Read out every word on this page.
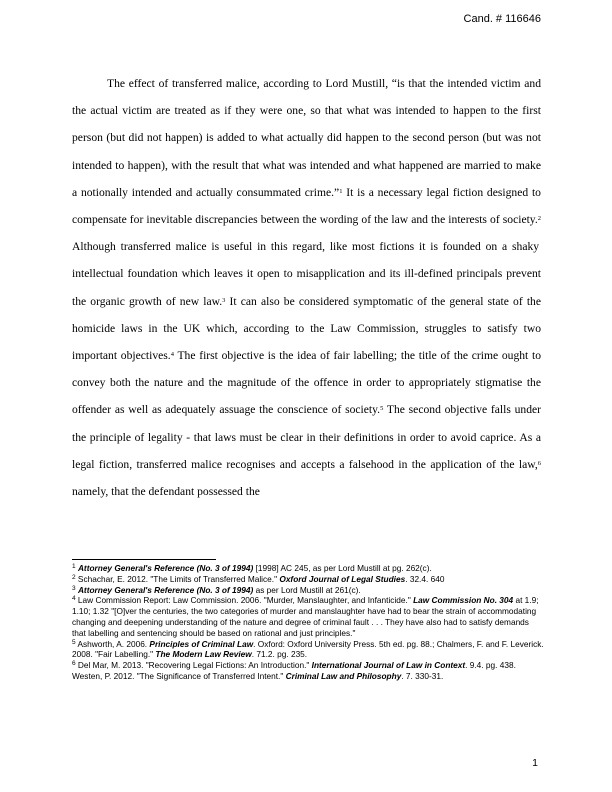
Cand. # 116646

The effect of transferred malice, according to Lord Mustill, “is that the intended victim and the actual victim are treated as if they were one, so that what was intended to happen to the first person (but did not happen) is added to what actually did happen to the second person (but was not intended to happen), with the result that what was intended and what happened are married to make a notionally intended and actually consummated crime.”$^1$ It is a necessary legal fiction designed to compensate for inevitable discrepancies between the wording of the law and the interests of society.$^2$ Although transferred malice is useful in this regard, like most fictions it is founded on a shaky intellectual foundation which leaves it open to misapplication and its ill-defined principals prevent the organic growth of new law.$^3$ It can also be considered symptomatic of the general state of the homicide laws in the UK which, according to the Law Commission, struggles to satisfy two important objectives.$^4$ The first objective is the idea of fair labelling; the title of the crime ought to convey both the nature and the magnitude of the offence in order to appropriately stigmatise the offender as well as adequately assuage the conscience of society.$^5$ The second objective falls under the principle of legality - that laws must be clear in their definitions in order to avoid caprice. As a legal fiction, transferred malice recognises and accepts a falsehood in the application of the law,$^6$ namely, that the defendant possessed the

$^1$ Attorney General's Reference (No. 3 of 1994) [1998] AC 245, as per Lord Mustill at pg. 262(c).

$^2$ Schachar, E. 2012. "The Limits of Transferred Malice." Oxford Journal of Legal Studies. 32.4. 640

$^3$ Attorney General's Reference (No. 3 of 1994) as per Lord Mustill at 261(c).

$^4$ Law Commission Report: Law Commission. 2006. "Murder, Manslaughter, and Infanticide." Law Commission No. 304 at 1.9; 1.10; 1.32 "[O]ver the centuries, the two categories of murder and manslaughter have had to bear the strain of accommodating changing and deepening understanding of the nature and degree of criminal fault . . . They have also had to satisfy demands that labelling and sentencing should be based on rational and just principles."

$^5$ Ashworth, A. 2006. Principles of Criminal Law. Oxford: Oxford University Press. 5th ed. pg. 88.; Chalmers, F. and F. Leverick. 2008. "Fair Labelling." The Modern Law Review. 71.2. pg. 235.

$^6$ Del Mar, M. 2013. "Recovering Legal Fictions: An Introduction." International Journal of Law in Context. 9.4. pg. 438. Westen, P. 2012. "The Significance of Transferred Intent." Criminal Law and Philosophy. 7. 330-31.

1
